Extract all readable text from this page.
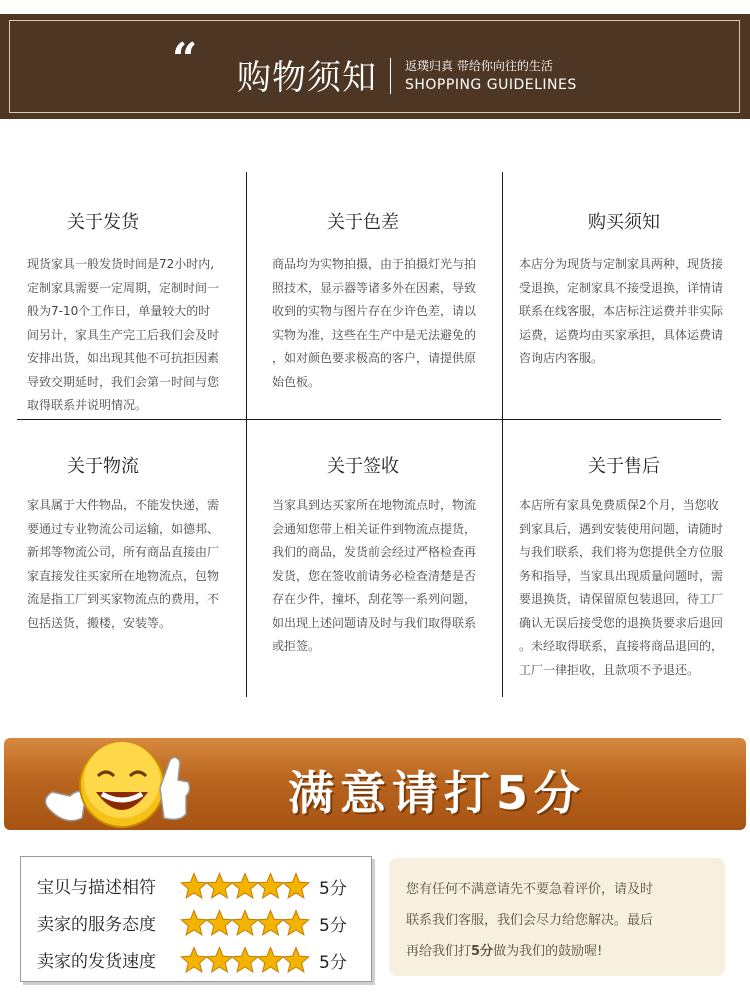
“ 购物须知 返璞归真 带给你向往的生活
SHOPPING GUIDELINES
关于发货
现货家具一般发货时间是72小时内,
定制家具需要一定周期，定制时间一
般为7-10个工作日，单量较大的时
间另计，家具生产完工后我们会及时
安排出货，如出现其他不可抗拒因素
导致交期延时，我们会第一时间与您
取得联系并说明情况。
关于色差
商品均为实物拍摄，由于拍摄灯光与拍
照技术，显示器等诸多外在因素，导致
收到的实物与图片存在少许色差，请以
实物为准，这些在生产中是无法避免的
，如对颜色要求极高的客户，请提供原
始色板。
购买须知
本店分为现货与定制家具两种，现货接
受退换，定制家具不接受退换，详情请
联系在线客服，本店标注运费并非实际
运费，运费均由买家承担，具体运费请
咨询店内客服。
关于物流
家具属于大件物品，不能发快递，需
要通过专业物流公司运输，如德邦、
新邦等物流公司，所有商品直接由厂
家直接发往买家所在地物流点，包物
流是指工厂到买家物流点的费用，不
包括送货，搬楼，安装等。
关于签收
当家具到达买家所在地物流点时，物流
会通知您带上相关证件到物流点提货，
我们的商品，发货前会经过严格检查再
发货，您在签收前请务必检查清楚是否
存在少件，撞坏，刮花等一系列问题，
如出现上述问题请及时与我们取得联系
或拒签。
关于售后
本店所有家具免费质保2个月，当您收
到家具后，遇到安装使用问题，请随时
与我们联系，我们将为您提供全方位服
务和指导，当家具出现质量问题时，需
要退换货，请保留原包装退回，待工厂
确认无误后接受您的退换货要求后退回
。未经取得联系，直接将商品退回的，
工厂一律拒收，且款项不予退还。
满意请打5分
宝贝与描述相符	5分
卖家的服务态度	5分
卖家的发货速度	5分
您有任何不满意请先不要急着评价，请及时
联系我们客服，我们会尽力给您解决。最后
再给我们打5分做为我们的鼓励喔!
